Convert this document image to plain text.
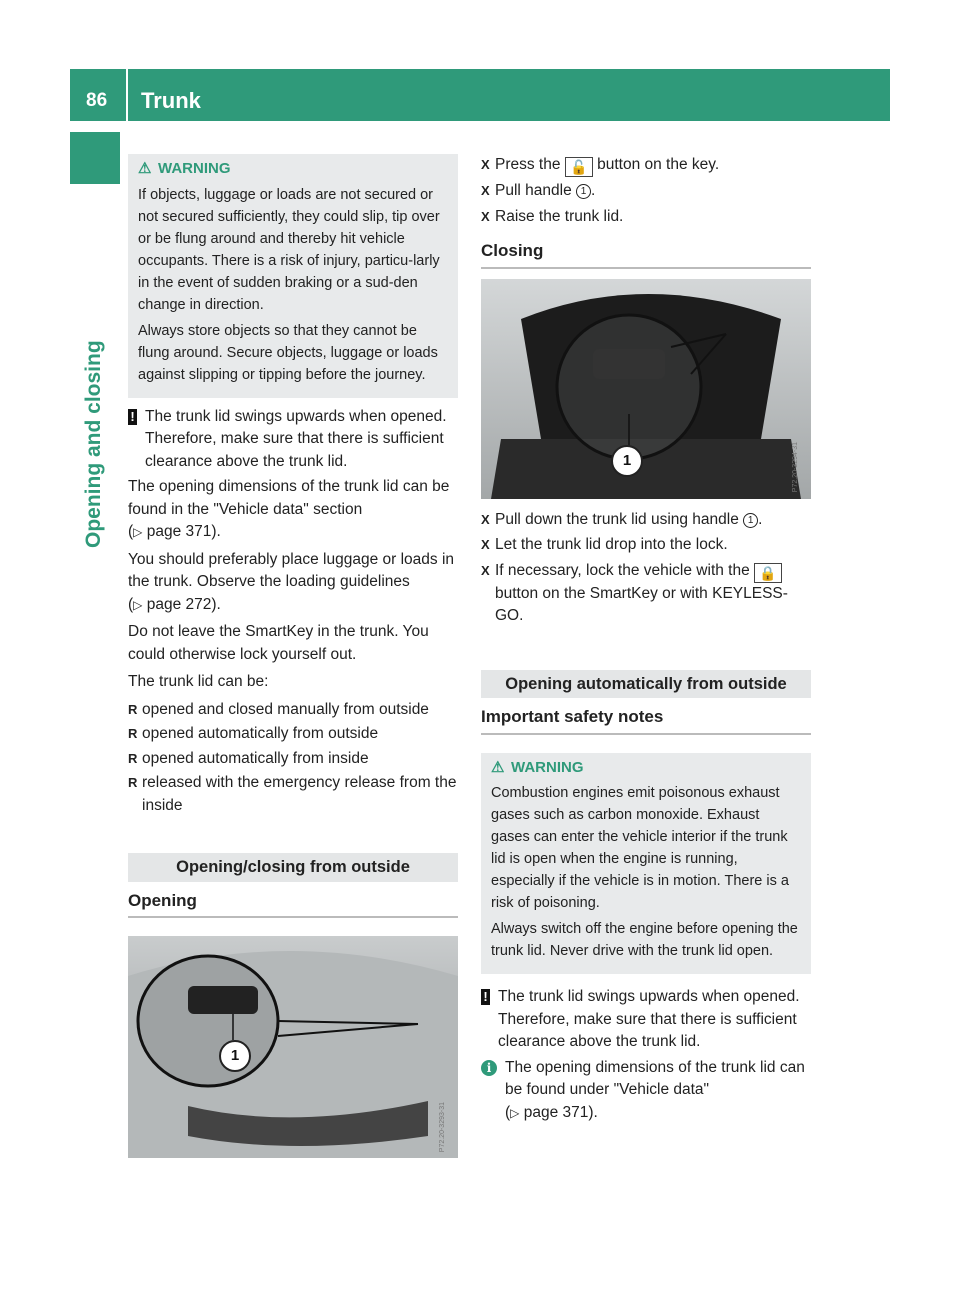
86 Trunk
Opening and closing
⚠ WARNING

If objects, luggage or loads are not secured or not secured sufficiently, they could slip, tip over or be flung around and thereby hit vehicle occupants. There is a risk of injury, particu-larly in the event of sudden braking or a sud-den change in direction.

Always store objects so that they cannot be flung around. Secure objects, luggage or loads against slipping or tipping before the journey.

! The trunk lid swings upwards when opened. Therefore, make sure that there is sufficient clearance above the trunk lid.

The opening dimensions of the trunk lid can be found in the "Vehicle data" section
(▷ page 371).

You should preferably place luggage or loads in the trunk. Observe the loading guidelines
(▷ page 272).

Do not leave the SmartKey in the trunk. You could otherwise lock yourself out.

The trunk lid can be:

R opened and closed manually from outside
R opened automatically from outside
R opened automatically from inside
R released with the emergency release from the inside
Opening/closing from outside
Opening
1
P72.20-3293-31
X Press the 🔓 button on the key.
X Pull handle 1 .
X Raise the trunk lid.
Closing
1	P72.20-3294-31
X Pull down the trunk lid using handle 1 .
X Let the trunk lid drop into the lock.
X If necessary, lock the vehicle with the 🔒 button on the SmartKey or with KEYLESS-GO.
Opening automatically from outside
Important safety notes
⚠ WARNING

Combustion engines emit poisonous exhaust gases such as carbon monoxide. Exhaust gases can enter the vehicle interior if the trunk lid is open when the engine is running, especially if the vehicle is in motion. There is a risk of poisoning.

Always switch off the engine before opening the trunk lid. Never drive with the trunk lid open.

! The trunk lid swings upwards when opened. Therefore, make sure that there is sufficient clearance above the trunk lid.
i The opening dimensions of the trunk lid can be found under "Vehicle data"
(▷ page 371).
